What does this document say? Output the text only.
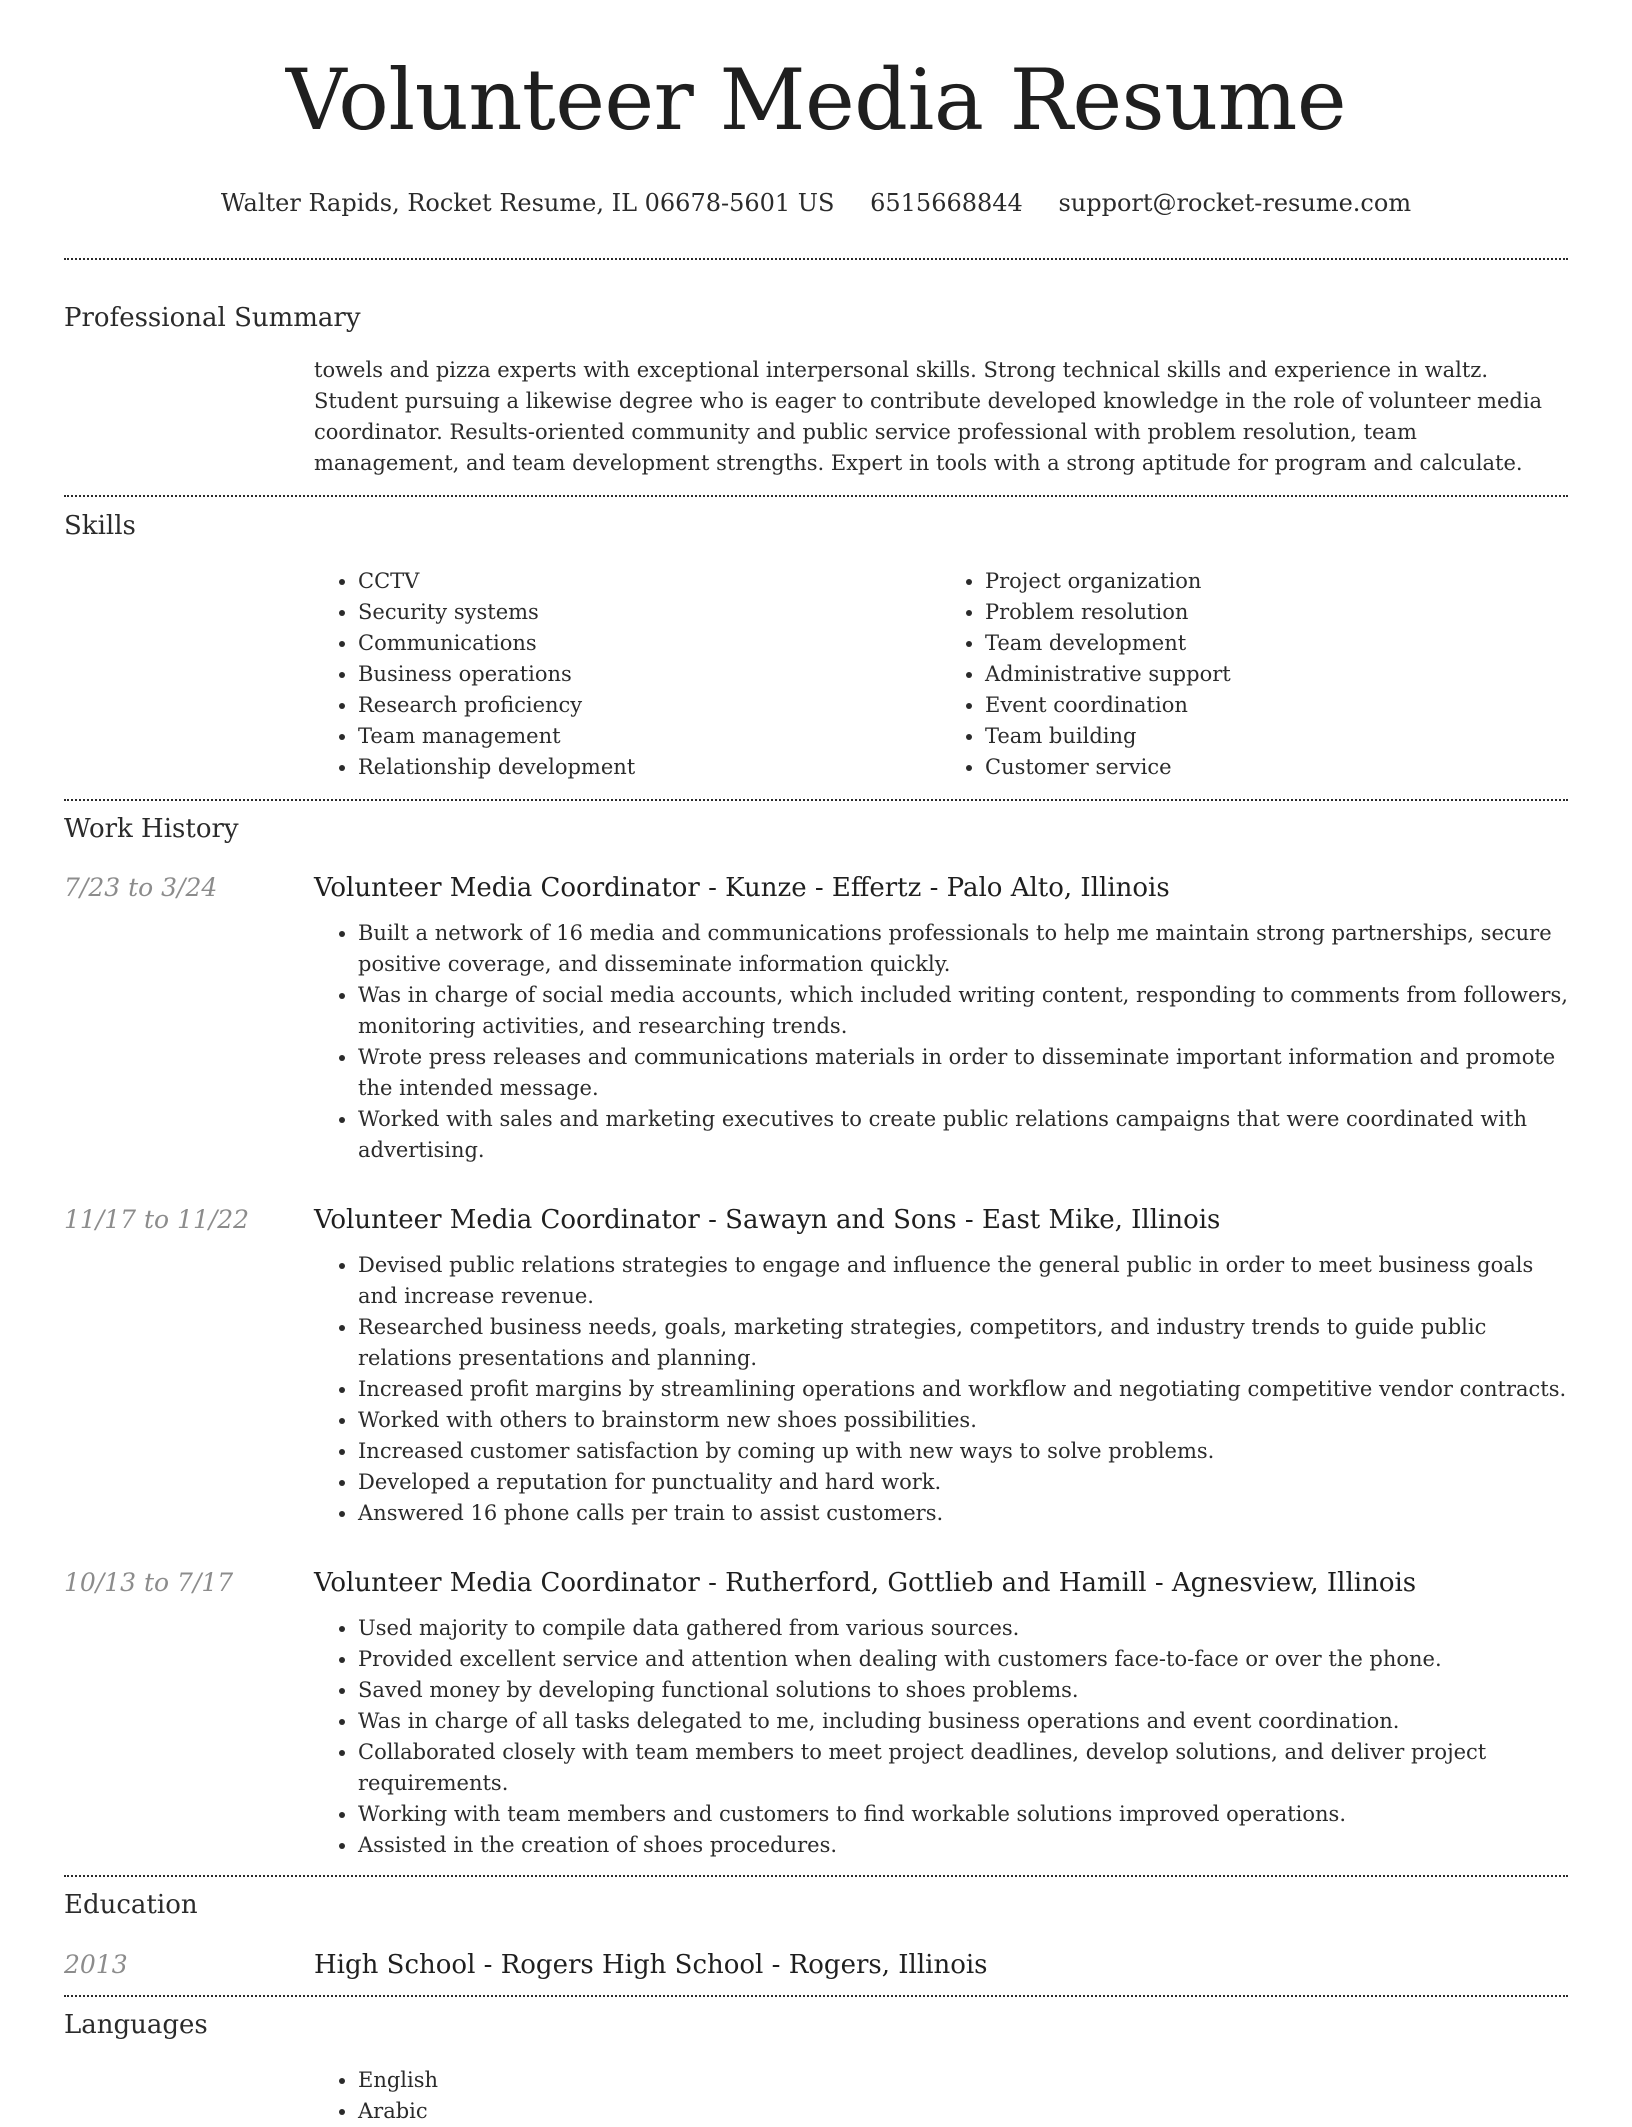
Volunteer Media Resume
Walter Rapids, Rocket Resume, IL 06678-5601 US 6515668844 support@rocket-resume.com
Professional Summary
towels and pizza experts with exceptional interpersonal skills. Strong technical skills and experience in waltz. Student pursuing a likewise degree who is eager to contribute developed knowledge in the role of volunteer media coordinator. Results-oriented community and public service professional with problem resolution, team management, and team development strengths. Expert in tools with a strong aptitude for program and calculate.
Skills
• CCTV
• Security systems
• Communications
• Business operations
• Research proficiency
• Team management
• Relationship development
• Project organization
• Problem resolution
• Team development
• Administrative support
• Event coordination
• Team building
• Customer service
Work History
7/23 to 3/24	Volunteer Media Coordinator - Kunze - Effertz - Palo Alto, Illinois
• Built a network of 16 media and communications professionals to help me maintain strong partnerships, secure positive coverage, and disseminate information quickly.
• Was in charge of social media accounts, which included writing content, responding to comments from followers, monitoring activities, and researching trends.
• Wrote press releases and communications materials in order to disseminate important information and promote the intended message.
• Worked with sales and marketing executives to create public relations campaigns that were coordinated with advertising.
11/17 to 11/22	Volunteer Media Coordinator - Sawayn and Sons - East Mike, Illinois
• Devised public relations strategies to engage and influence the general public in order to meet business goals and increase revenue.
• Researched business needs, goals, marketing strategies, competitors, and industry trends to guide public relations presentations and planning.
• Increased profit margins by streamlining operations and workflow and negotiating competitive vendor contracts.
• Worked with others to brainstorm new shoes possibilities.
• Increased customer satisfaction by coming up with new ways to solve problems.
• Developed a reputation for punctuality and hard work.
• Answered 16 phone calls per train to assist customers.
10/13 to 7/17	Volunteer Media Coordinator - Rutherford, Gottlieb and Hamill - Agnesview, Illinois
• Used majority to compile data gathered from various sources.
• Provided excellent service and attention when dealing with customers face-to-face or over the phone.
• Saved money by developing functional solutions to shoes problems.
• Was in charge of all tasks delegated to me, including business operations and event coordination.
• Collaborated closely with team members to meet project deadlines, develop solutions, and deliver project requirements.
• Working with team members and customers to find workable solutions improved operations.
• Assisted in the creation of shoes procedures.
Education
2013	High School - Rogers High School - Rogers, Illinois
Languages
• English
• Arabic
